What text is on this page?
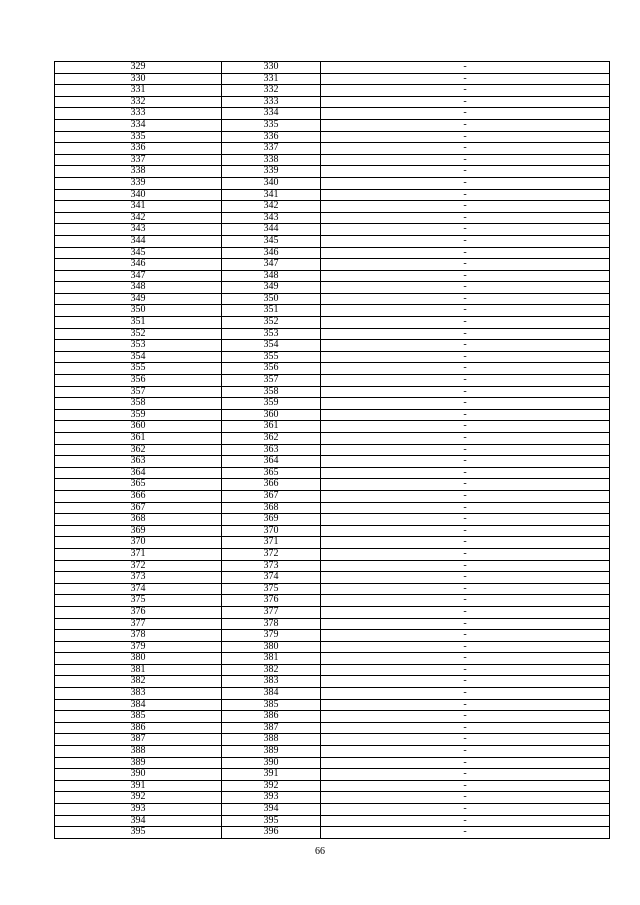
329	330	-
330	331	-
331	332	-
332	333	-
333	334	-
334	335	-
335	336	-
336	337	-
337	338	-
338	339	-
339	340	-
340	341	-
341	342	-
342	343	-
343	344	-
344	345	-
345	346	-
346	347	-
347	348	-
348	349	-
349	350	-
350	351	-
351	352	-
352	353	-
353	354	-
354	355	-
355	356	-
356	357	-
357	358	-
358	359	-
359	360	-
360	361	-
361	362	-
362	363	-
363	364	-
364	365	-
365	366	-
366	367	-
367	368	-
368	369	-
369	370	-
370	371	-
371	372	-
372	373	-
373	374	-
374	375	-
375	376	-
376	377	-
377	378	-
378	379	-
379	380	-
380	381	-
381	382	-
382	383	-
383	384	-
384	385	-
385	386	-
386	387	-
387	388	-
388	389	-
389	390	-
390	391	-
391	392	-
392	393	-
393	394	-
394	395	-
395	396	-
66
